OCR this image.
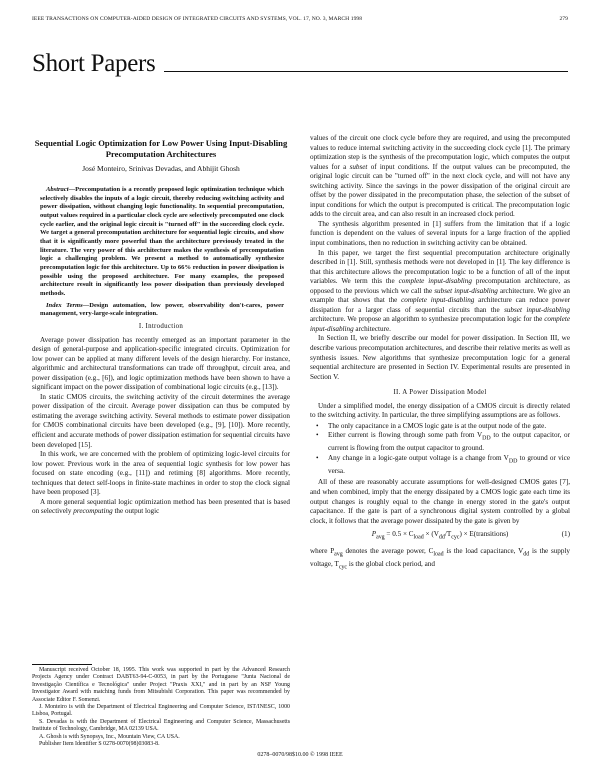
IEEE TRANSACTIONS ON COMPUTER-AIDED DESIGN OF INTEGRATED CIRCUITS AND SYSTEMS, VOL. 17, NO. 3, MARCH 1998	279
Short Papers
Sequential Logic Optimization for Low Power Using Input-Disabling Precomputation Architectures
José Monteiro, Srinivas Devadas, and Abhijit Ghosh

Abstract—Precomputation is a recently proposed logic optimization technique which selectively disables the inputs of a logic circuit, thereby reducing switching activity and power dissipation, without changing logic functionality. In sequential precomputation, output values required in a particular clock cycle are selectively precomputed one clock cycle earlier, and the original logic circuit is "turned off" in the succeeding clock cycle. We target a general precomputation architecture for sequential logic circuits, and show that it is significantly more powerful than the architecture previously treated in the literature. The very power of this architecture makes the synthesis of precomputation logic a challenging problem. We present a method to automatically synthesize precomputation logic for this architecture. Up to 66% reduction in power dissipation is possible using the proposed architecture. For many examples, the proposed architecture result in significantly less power dissipation than previously developed methods.

Index Terms—Design automation, low power, observability don't-cares, power management, very-large-scale integration.

I. Introduction

Average power dissipation has recently emerged as an important parameter in the design of general-purpose and application-specific integrated circuits. Optimization for low power can be applied at many different levels of the design hierarchy. For instance, algorithmic and architectural transformations can trade off throughput, circuit area, and power dissipation (e.g., [6]), and logic optimization methods have been shown to have a significant impact on the power dissipation of combinational logic circuits (e.g., [13]).

In static CMOS circuits, the switching activity of the circuit determines the average power dissipation of the circuit. Average power dissipation can thus be computed by estimating the average switching activity. Several methods to estimate power dissipation for CMOS combinational circuits have been developed (e.g., [9], [10]). More recently, efficient and accurate methods of power dissipation estimation for sequential circuits have been developed [15].

In this work, we are concerned with the problem of optimizing logic-level circuits for low power. Previous work in the area of sequential logic synthesis for low power has focused on state encoding (e.g., [11]) and retiming [8] algorithms. More recently, techniques that detect self-loops in finite-state machines in order to stop the clock signal have been proposed [3].

A more general sequential logic optimization method has been presented that is based on selectively precomputing the output logic

Manuscript received October 18, 1995. This work was supported in part by the Advanced Research Projects Agency under Contract DABT63-94-C-0053, in part by the Portuguese "Junta Nacional de Investigação Científica e Tecnológica" under Project "Praxis XXI," and in part by an NSF Young Investigator Award with matching funds from Mitsubishi Corporation. This paper was recommended by Associate Editor F. Somenzi.

J. Monteiro is with the Department of Electrical Engineering and Computer Science, IST/INESC, 1000 Lisboa, Portugal.

S. Devadas is with the Department of Electrical Engineering and Computer Science, Massachusetts Institute of Technology, Cambridge, MA 02139 USA.

A. Ghosh is with Synopsys, Inc., Mountain View, CA USA.

Publisher Item Identifier S 0278-0070(98)03083-8.

values of the circuit one clock cycle before they are required, and using the precomputed values to reduce internal switching activity in the succeeding clock cycle [1]. The primary optimization step is the synthesis of the precomputation logic, which computes the output values for a subset of input conditions. If the output values can be precomputed, the original logic circuit can be "turned off" in the next clock cycle, and will not have any switching activity. Since the savings in the power dissipation of the original circuit are offset by the power dissipated in the precomputation phase, the selection of the subset of input conditions for which the output is precomputed is critical. The precomputation logic adds to the circuit area, and can also result in an increased clock period.

The synthesis algorithm presented in [1] suffers from the limitation that if a logic function is dependent on the values of several inputs for a large fraction of the applied input combinations, then no reduction in switching activity can be obtained.

In this paper, we target the first sequential precomputation architecture originally described in [1]. Still, synthesis methods were not developed in [1]. The key difference is that this architecture allows the precomputation logic to be a function of all of the input variables. We term this the complete input-disabling precomputation architecture, as opposed to the previous which we call the subset input-disabling architecture. We give an example that shows that the complete input-disabling architecture can reduce power dissipation for a larger class of sequential circuits than the subset input-disabling architecture. We propose an algorithm to synthesize precomputation logic for the complete input-disabling architecture.

In Section II, we briefly describe our model for power dissipation. In Section III, we describe various precomputation architectures, and describe their relative merits as well as synthesis issues. New algorithms that synthesize precomputation logic for a general sequential architecture are presented in Section IV. Experimental results are presented in Section V.

II. A Power Dissipation Model

Under a simplified model, the energy dissipation of a CMOS circuit is directly related to the switching activity. In particular, the three simplifying assumptions are as follows.

• The only capacitance in a CMOS logic gate is at the output node of the gate.
• Either current is flowing through some path from $V_{DD}$ to the output capacitor, or current is flowing from the output capacitor to ground.
• Any change in a logic-gate output voltage is a change from $V_{DD}$ to ground or vice versa.

All of these are reasonably accurate assumptions for well-designed CMOS gates [7], and when combined, imply that the energy dissipated by a CMOS logic gate each time its output changes is roughly equal to the change in energy stored in the gate's output capacitance. If the gate is part of a synchronous digital system controlled by a global clock, it follows that the average power dissipated by the gate is given by

$P_{avg} = 0.5 \times C_{load} \times (V_{dd}/T_{cyc})$ × E(transitions)	(1)

where $P_{avg}$ denotes the average power, $C_{load}$ is the load capacitance, $V_{dd}$ is the supply voltage, $T_{cyc}$ is the global clock period, and

0278–0070/98$10.00 © 1998 IEEE
